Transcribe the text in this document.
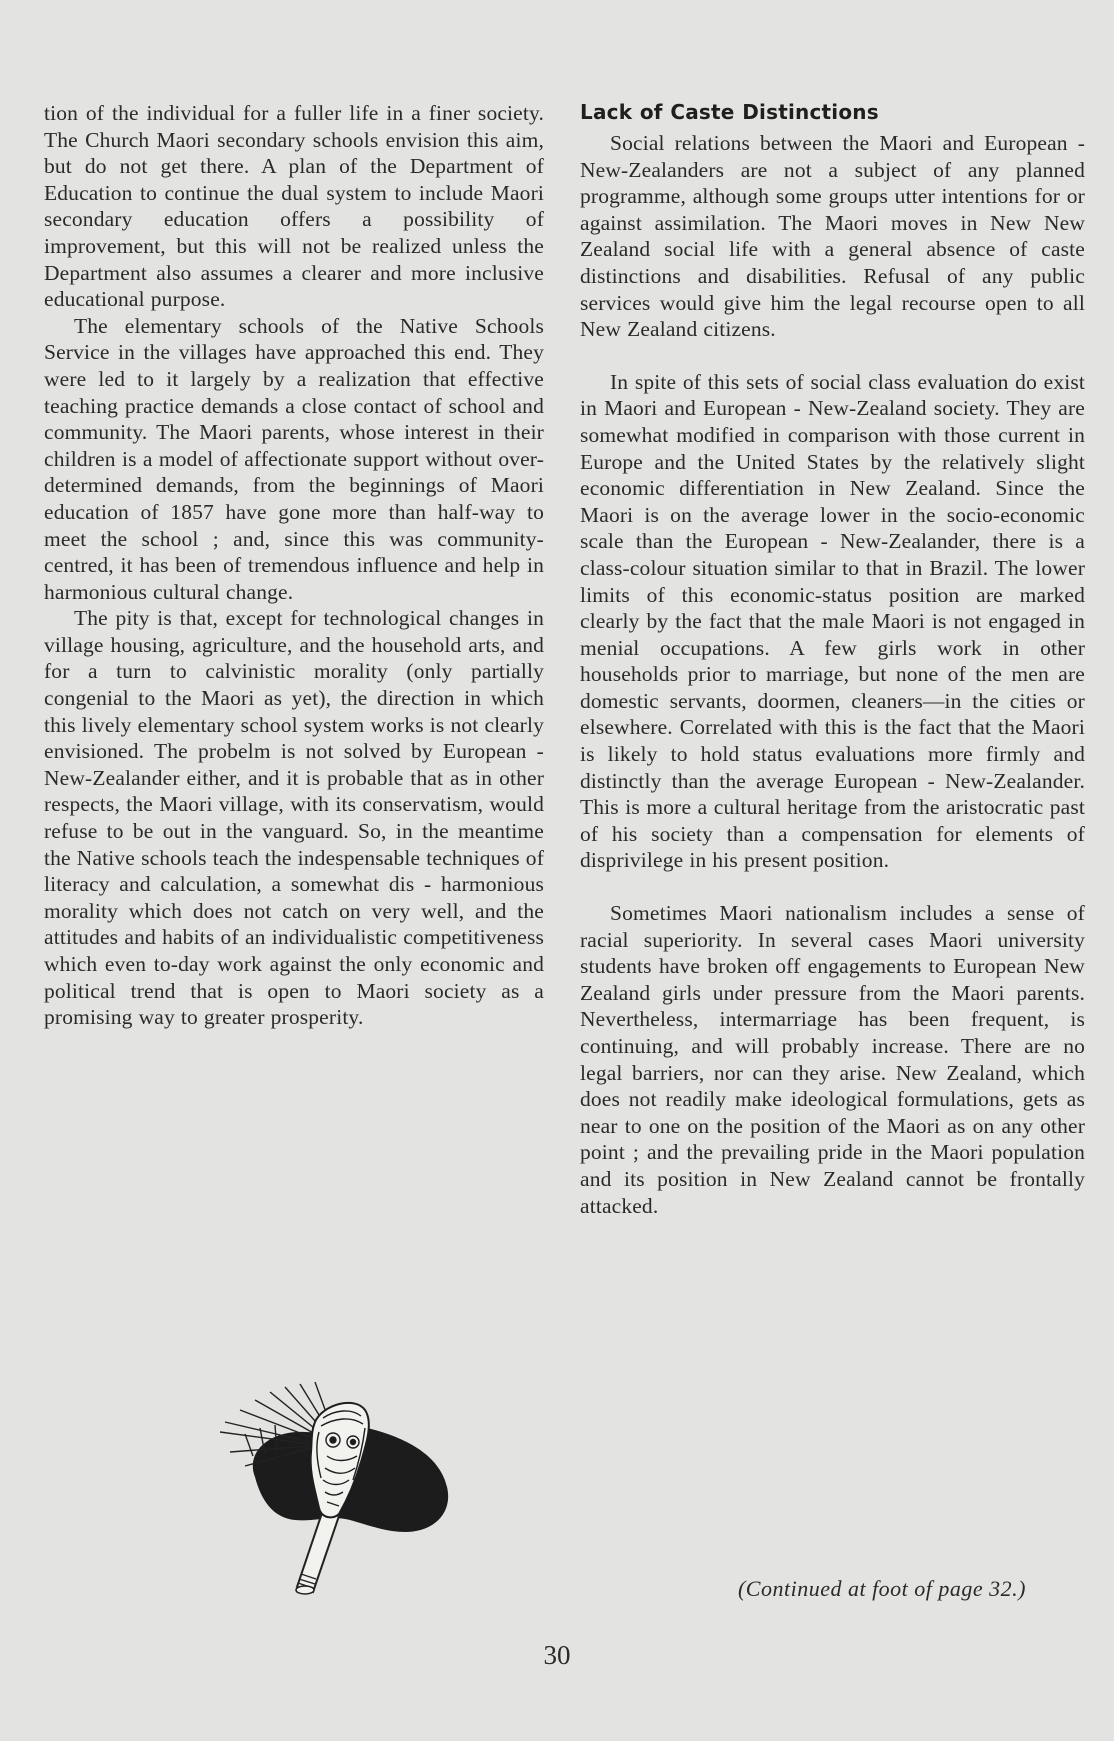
tion of the individual for a fuller life in a finer society. The Church Maori secondary schools envision this aim, but do not get there. A plan of the Department of Education to continue the dual system to include Maori secondary education offers a possibility of improvement, but this will not be realized unless the Department also assumes a clearer and more inclusive educational purpose.

The elementary schools of the Native Schools Service in the villages have approached this end. They were led to it largely by a realization that effective teaching practice demands a close contact of school and community. The Maori parents, whose interest in their children is a model of affectionate support without over-determined demands, from the beginnings of Maori education of 1857 have gone more than half-way to meet the school ; and, since this was community-centred, it has been of tremendous influence and help in harmonious cultural change.

The pity is that, except for technological changes in village housing, agriculture, and the household arts, and for a turn to calvinistic morality (only partially congenial to the Maori as yet), the direction in which this lively elementary school system works is not clearly envisioned. The probelm is not solved by European - New-Zealander either, and it is probable that as in other respects, the Maori village, with its conservatism, would refuse to be out in the vanguard. So, in the meantime the Native schools teach the indespensable techniques of literacy and calculation, a somewhat dis - harmonious morality which does not catch on very well, and the attitudes and habits of an individualistic competitiveness which even to-day work against the only economic and political trend that is open to Maori society as a promising way to greater prosperity.

Lack of Caste Distinctions

Social relations between the Maori and European - New-Zealanders are not a subject of any planned programme, although some groups utter intentions for or against assimilation. The Maori moves in New New Zealand social life with a general absence of caste distinctions and disabilities. Refusal of any public services would give him the legal recourse open to all New Zealand citizens.

In spite of this sets of social class evaluation do exist in Maori and European - New-Zealand society. They are somewhat modified in comparison with those current in Europe and the United States by the relatively slight economic differentiation in New Zealand. Since the Maori is on the average lower in the socio-economic scale than the European - New-Zealander, there is a class-colour situation similar to that in Brazil. The lower limits of this economic-status position are marked clearly by the fact that the male Maori is not engaged in menial occupations. A few girls work in other households prior to marriage, but none of the men are domestic servants, doormen, cleaners—in the cities or elsewhere. Correlated with this is the fact that the Maori is likely to hold status evaluations more firmly and distinctly than the average European - New-Zealander. This is more a cultural heritage from the aristocratic past of his society than a compensation for elements of disprivilege in his present position.

Sometimes Maori nationalism includes a sense of racial superiority. In several cases Maori university students have broken off engagements to European New Zealand girls under pressure from the Maori parents. Nevertheless, intermarriage has been frequent, is continuing, and will probably increase. There are no legal barriers, nor can they arise. New Zealand, which does not readily make ideological formulations, gets as near to one on the position of the Maori as on any other point ; and the prevailing pride in the Maori population and its position in New Zealand cannot be frontally attacked.

(Continued at foot of page 32.)
30
